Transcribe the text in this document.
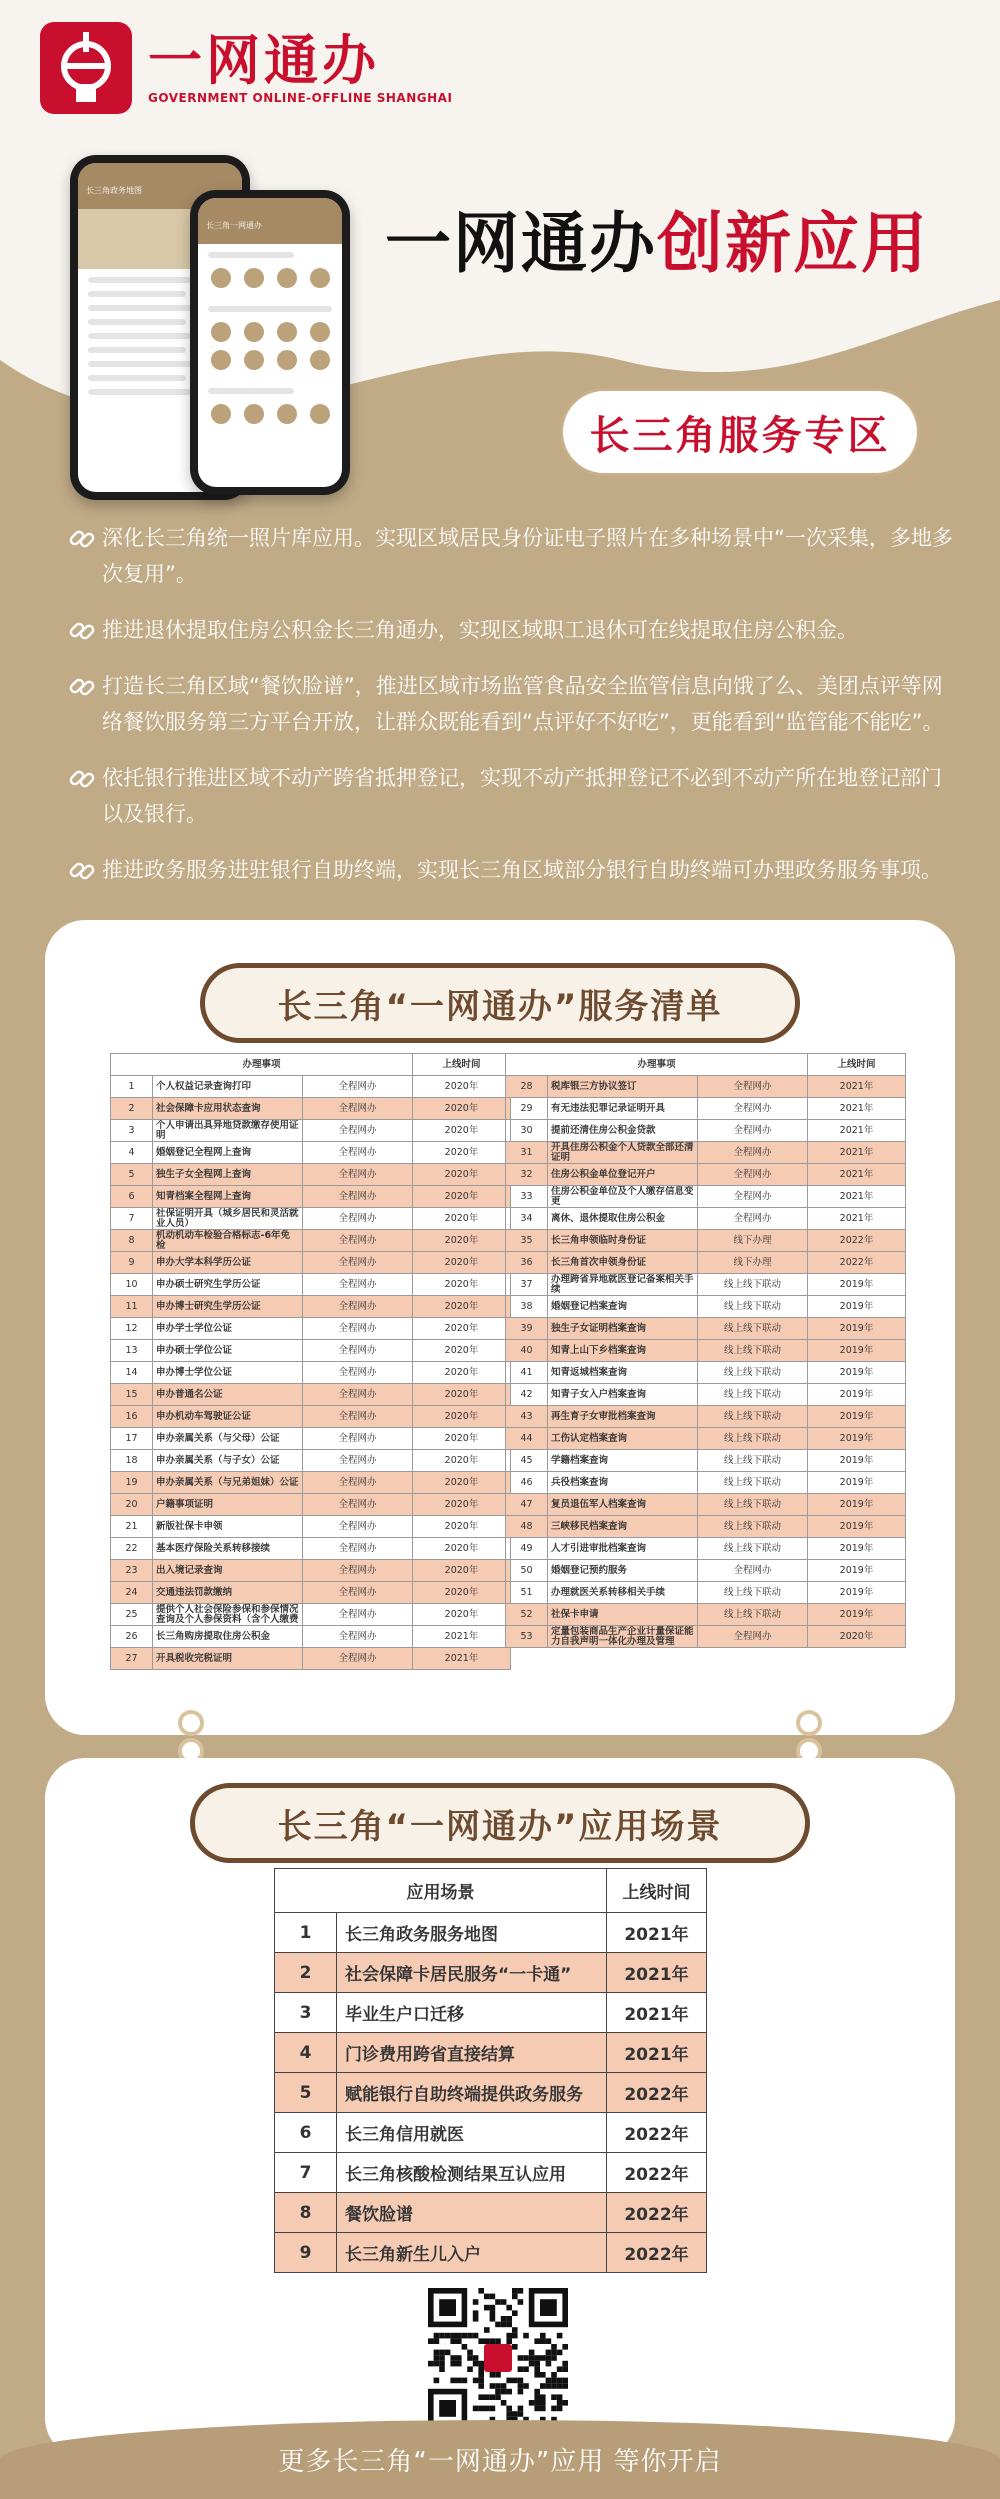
一网通办
GOVERNMENT ONLINE-OFFLINE SHANGHAI
长三角政务地图
长三角一网通办	一网通办创新应用
长三角服务专区

深化长三角统一照片库应用。实现区域居民身份证电子照片在多种场景中“一次采集，多地多次复用”。

推进退休提取住房公积金长三角通办，实现区域职工退休可在线提取住房公积金。

打造长三角区域“餐饮脸谱”，推进区域市场监管食品安全监管信息向饿了么、美团点评等网络餐饮服务第三方平台开放，让群众既能看到“点评好不好吃”，更能看到“监管能不能吃”。

依托银行推进区域不动产跨省抵押登记，实现不动产抵押登记不必到不动产所在地登记部门以及银行。

推进政务服务进驻银行自助终端，实现长三角区域部分银行自助终端可办理政务服务事项。

长三角“一网通办”服务清单
办理事项			上线时间
1	个人权益记录查询打印	全程网办	2020年
2	社会保障卡应用状态查询	全程网办	2020年
3	个人申请出具异地贷款缴存使用证明	全程网办	2020年
4	婚姻登记全程网上查询	全程网办	2020年
5	独生子女全程网上查询	全程网办	2020年
6	知青档案全程网上查询	全程网办	2020年
7	社保证明开具（城乡居民和灵活就业人员）	全程网办	2020年
8	机动机动车检验合格标志-6年免检	全程网办	2020年
9	申办大学本科学历公证	全程网办	2020年
10	申办硕士研究生学历公证	全程网办	2020年
11	申办博士研究生学历公证	全程网办	2020年
12	申办学士学位公证	全程网办	2020年
13	申办硕士学位公证	全程网办	2020年
14	申办博士学位公证	全程网办	2020年
15	申办普通名公证	全程网办	2020年
16	申办机动车驾驶证公证	全程网办	2020年
17	申办亲属关系（与父母）公证	全程网办	2020年
18	申办亲属关系（与子女）公证	全程网办	2020年
19	申办亲属关系（与兄弟姐妹）公证	全程网办	2020年
20	户籍事项证明	全程网办	2020年
21	新版社保卡申领	全程网办	2020年
22	基本医疗保险关系转移接续	全程网办	2020年
23	出入境记录查询	全程网办	2020年
24	交通违法罚款缴纳	全程网办	2020年
25	提供个人社会保险参保和参保情况查询及个人参保资料（含个人缴费	全程网办	2020年
26	长三角购房提取住房公积金	全程网办	2021年
27	开具税收完税证明	全程网办	2021年
办理事项			上线时间
28	税库银三方协议签订	全程网办	2021年
29	有无违法犯罪记录证明开具	全程网办	2021年
30	提前还清住房公积金贷款	全程网办	2021年
31	开具住房公积金个人贷款全部还清证明	全程网办	2021年
32	住房公积金单位登记开户	全程网办	2021年
33	住房公积金单位及个人缴存信息变更	全程网办	2021年
34	离休、退休提取住房公积金	全程网办	2021年
35	长三角申领临时身份证	线下办理	2022年
36	长三角首次申领身份证	线下办理	2022年
37	办理跨省异地就医登记备案相关手续	线上线下联动	2019年
38	婚姻登记档案查询	线上线下联动	2019年
39	独生子女证明档案查询	线上线下联动	2019年
40	知青上山下乡档案查询	线上线下联动	2019年
41	知青返城档案查询	线上线下联动	2019年
42	知青子女入户档案查询	线上线下联动	2019年
43	再生育子女审批档案查询	线上线下联动	2019年
44	工伤认定档案查询	线上线下联动	2019年
45	学籍档案查询	线上线下联动	2019年
46	兵役档案查询	线上线下联动	2019年
47	复员退伍军人档案查询	线上线下联动	2019年
48	三峡移民档案查询	线上线下联动	2019年
49	人才引进审批档案查询	线上线下联动	2019年
50	婚姻登记预约服务	全程网办	2019年
51	办理就医关系转移相关手续	线上线下联动	2019年
52	社保卡申请	线上线下联动	2019年
53	定量包装商品生产企业计量保证能力自我声明一体化办理及管理	全程网办	2020年
长三角“一网通办”应用场景
应用场景		上线时间
1	长三角政务服务地图	2021年
2	社会保障卡居民服务“一卡通”	2021年
3	毕业生户口迁移	2021年
4	门诊费用跨省直接结算	2021年
5	赋能银行自助终端提供政务服务	2022年
6	长三角信用就医	2022年
7	长三角核酸检测结果互认应用	2022年
8	餐饮脸谱	2022年
9	长三角新生儿入户	2022年
更多长三角“一网通办”应用 等你开启
